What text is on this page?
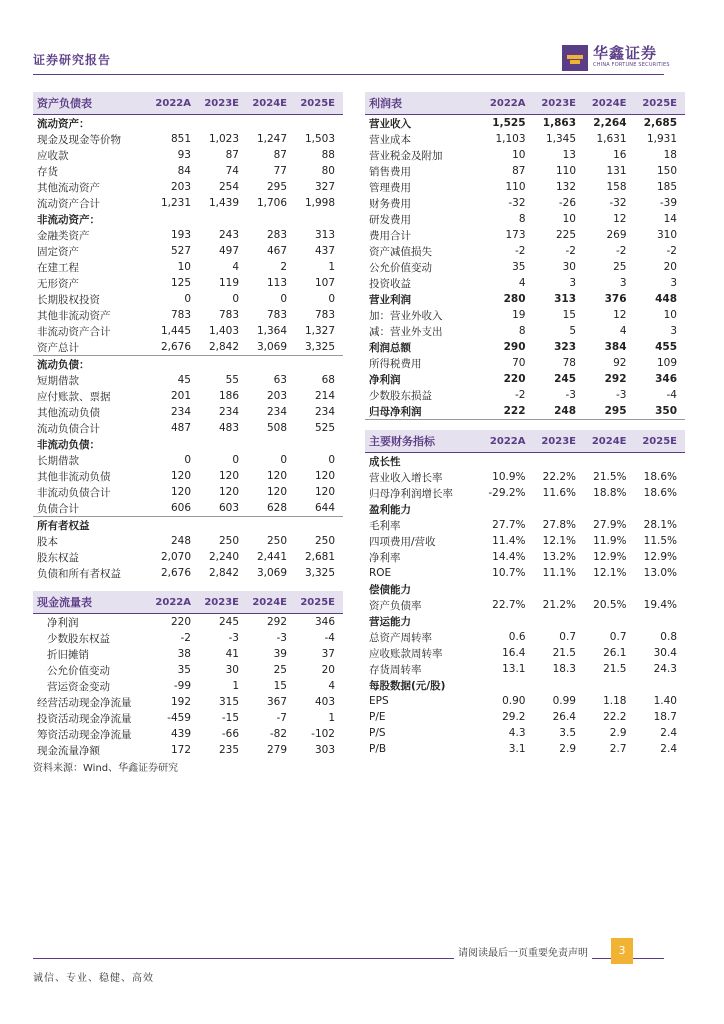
证券研究报告	华鑫证券
CHINA FORTUNE SECURITIES
资产负债表	2022A	2023E	2024E	2025E
流动资产：				
现金及现金等价物	851	1,023	1,247	1,503
应收款	93	87	87	88
存货	84	74	77	80
其他流动资产	203	254	295	327
流动资产合计	1,231	1,439	1,706	1,998
非流动资产：				
金融类资产	193	243	283	313
固定资产	527	497	467	437
在建工程	10	4	2	1
无形资产	125	119	113	107
长期股权投资	0	0	0	0
其他非流动资产	783	783	783	783
非流动资产合计	1,445	1,403	1,364	1,327
资产总计	2,676	2,842	3,069	3,325
流动负债：				
短期借款	45	55	63	68
应付账款、票据	201	186	203	214
其他流动负债	234	234	234	234
流动负债合计	487	483	508	525
非流动负债：				
长期借款	0	0	0	0
其他非流动负债	120	120	120	120
非流动负债合计	120	120	120	120
负债合计	606	603	628	644
所有者权益				
股本	248	250	250	250
股东权益	2,070	2,240	2,441	2,681
负债和所有者权益	2,676	2,842	3,069	3,325
现金流量表	2022A	2023E	2024E	2025E
净利润	220	245	292	346
少数股东权益	-2	-3	-3	-4
折旧摊销	38	41	39	37
公允价值变动	35	30	25	20
营运资金变动	-99	1	15	4
经营活动现金净流量	192	315	367	403
投资活动现金净流量	-459	-15	-7	1
筹资活动现金净流量	439	-66	-82	-102
现金流量净额	172	235	279	303
利润表	2022A	2023E	2024E	2025E
营业收入	1,525	1,863	2,264	2,685
营业成本	1,103	1,345	1,631	1,931
营业税金及附加	10	13	16	18
销售费用	87	110	131	150
管理费用	110	132	158	185
财务费用	-32	-26	-32	-39
研发费用	8	10	12	14
费用合计	173	225	269	310
资产减值损失	-2	-2	-2	-2
公允价值变动	35	30	25	20
投资收益	4	3	3	3
营业利润	280	313	376	448
加：营业外收入	19	15	12	10
减：营业外支出	8	5	4	3
利润总额	290	323	384	455
所得税费用	70	78	92	109
净利润	220	245	292	346
少数股东损益	-2	-3	-3	-4
归母净利润	222	248	295	350
主要财务指标	2022A	2023E	2024E	2025E
成长性				
营业收入增长率	10.9%	22.2%	21.5%	18.6%
归母净利润增长率	-29.2%	11.6%	18.8%	18.6%
盈利能力				
毛利率	27.7%	27.8%	27.9%	28.1%
四项费用/营收	11.4%	12.1%	11.9%	11.5%
净利率	14.4%	13.2%	12.9%	12.9%
ROE	10.7%	11.1%	12.1%	13.0%
偿债能力				
资产负债率	22.7%	21.2%	20.5%	19.4%
营运能力				
总资产周转率	0.6	0.7	0.7	0.8
应收账款周转率	16.4	21.5	26.1	30.4
存货周转率	13.1	18.3	21.5	24.3
每股数据(元/股)				
EPS	0.90	0.99	1.18	1.40
P/E	29.2	26.4	22.2	18.7
P/S	4.3	3.5	2.9	2.4
P/B	3.1	2.9	2.7	2.4
资料来源：Wind、华鑫证券研究
请阅读最后一页重要免责声明	3
诚信、专业、稳健、高效
